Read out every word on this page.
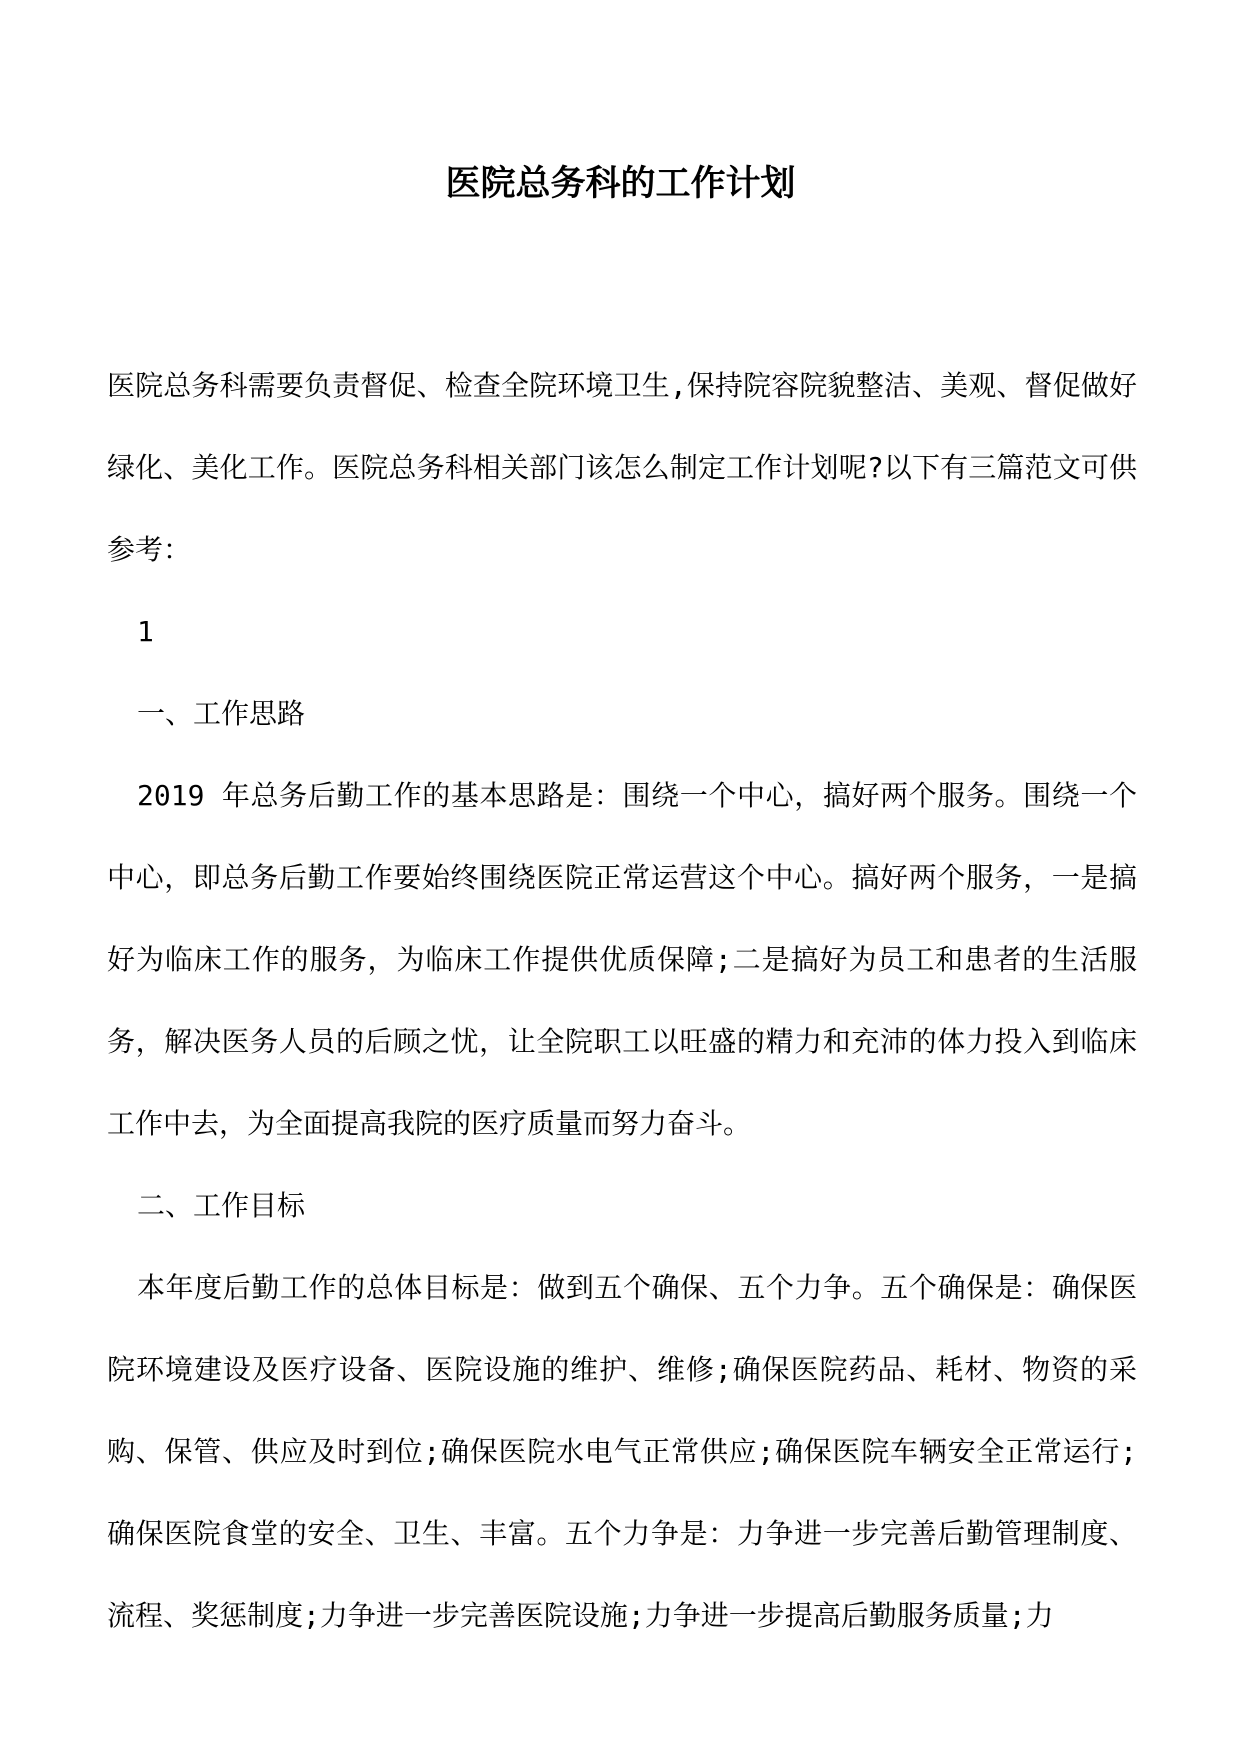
医院总务科的工作计划

医院总务科需要负责督促、检查全院环境卫生,保持院容院貌整洁、美观、督促做好绿化、美化工作。医院总务科相关部门该怎么制定工作计划呢?以下有三篇范文可供参考：

1

一、工作思路

2019 年总务后勤工作的基本思路是：围绕一个中心，搞好两个服务。围绕一个中心，即总务后勤工作要始终围绕医院正常运营这个中心。搞好两个服务，一是搞好为临床工作的服务，为临床工作提供优质保障;二是搞好为员工和患者的生活服务，解决医务人员的后顾之忧，让全院职工以旺盛的精力和充沛的体力投入到临床工作中去，为全面提高我院的医疗质量而努力奋斗。

二、工作目标

本年度后勤工作的总体目标是：做到五个确保、五个力争。五个确保是：确保医院环境建设及医疗设备、医院设施的维护、维修;确保医院药品、耗材、物资的采购、保管、供应及时到位;确保医院水电气正常供应;确保医院车辆安全正常运行;确保医院食堂的安全、卫生、丰富。五个力争是：力争进一步完善后勤管理制度、流程、奖惩制度;力争进一步完善医院设施;力争进一步提高后勤服务质量;力
